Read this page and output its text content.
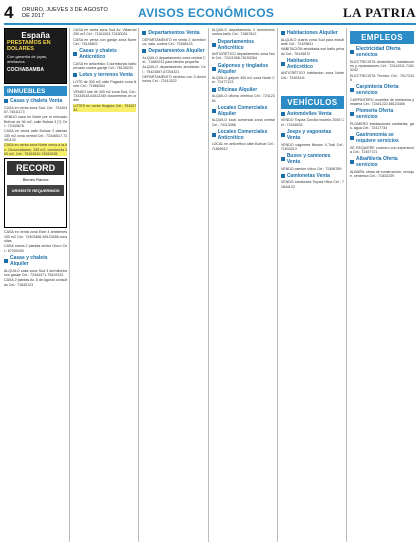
4	ORURO, JUEVES 3 DE AGOSTO DE 2017	AVISOS ECONÓMICOS	LA PATRIA
España
PRESTAMOS EN DOLARES
Con garantía de joyas, artefactos
COCHABAMBA
INMUEBLES
Casas y chalets Venta

CASA en venta zona Sud. Cel.: 72440487-74511173

VENDO casa en Norte por el mercado Bolívar de 36 m2, calle Bolivia 3 [?] Cel.: 72443678

CASA en venta calle Bolívar 2 plantas 150 m2 zona central Cel.: 72446517-72451132

CASA en venta zona Norte cerca a la Av. Circunvalación, 255 m2, construida 300 m2. Cel.: 76161810-74543226

RECORD
Bienes Raíces
URGENTE REQUERIMOS

CASA en venta zona Este 4 ambientes 100 m2 Cel.: 72403456-69123456 consultas

CASA nueva 2 plantas sector Oruro Cel.: 67200430

Casas y chalets Alquiler

ALQUILO casa zona Sud 3 dormitorios con garaje Cel.: 72444471-75419132

CASA 2 plantas Av. 6 de Agosto consultas Cel.: 71840123

CASA en venta zona Sud Av. Villarroel 250 m2 Cel.: 71161003-72430031

CASA en venta con garaje zona Norte Cel.: 76145822

Casas y chalets Anticrético

CASA en anticrético 3 dormitorios baño privado cocina garaje Cel.: 76139234

Lotes y terrenos Venta

LOTE de 300 m2 calle Pagador zona Norte Cel.: 71866354

VENDO lote de 400 m2 zona Sud, Cel.: 72434518-61812345 documentos en orden

LOTES en venta Huajara Cel.: 76152734

Departamentos Venta

DEPARTAMENTO en venta 2 dormitorios, sala, cocina Cel.: 72468123

Departamentos Alquiler

ALQUILO departamento zona central Cel.: 71860231 para familia pequeña

ALQUILO departamento amoblado Cel.: 75424567-67204321

DEPARTAMENTO céntrico con 3 dormitorios Cel.: 72413322

ALQUILO departamento 2 dormitorios cocina baño Cel.: 71867812

Departamentos Anticrético

ANTICRÉTICO departamento zona Norte Cel.: 72411908-76153264

Galpones y tinglados Alquiler

ALQUILO galpón 300 m2 zona Norte Cel.: 72477123

Oficinas Alquiler

ALQUILO oficina céntrica Cel.: 72412384

Locales Comerciales Alquiler

ALQUILO local comercial zona central Cel.: 74113456

Locales Comerciales Anticrético

LOCAL en anticrético calle Bolívar Cel.: 71869012

Habitaciones Alquiler

ALQUILO cuarto zona Sud para estudiante Cel.: 72429831

HABITACIÓN amoblada con baño privado Cel.: 76145672

Habitaciones Anticrético

ANTICRÉTICO habitación zona Norte Cel.: 72403411

VEHÍCULOS
Automóviles Venta

VENDO Toyota Corolla modelo 2005 Cel.: 72445532

Jeeps y vagonetas Venta

VENDO vagoneta Nissan X-Trail Cel.: 71833214

Buses y camiones Venta

VENDO camión Volvo Cel.: 72456789

Camionetas Venta

VENDO camioneta Toyota Hilux Cel.: 71844123

EMPLEOS
Electricidad Oferta servicios

ELECTRICISTA domiciliario, instalaciones y reparaciones Cel.: 72414311-71813242

ELECTRICISTA Técnico Cel.: 76172345

Carpintería Oferta servicios

CARPINTERO muebles de melamina y madera Cel.: 72441222-68123456

Plomería Oferta servicios

PLOMERO instalaciones sanitarias, gas, agua Cel.: 72417734

Gastronomía se requiere servicios

SE REQUIERE cocinero con experiencia Cel.: 72457721

Albañilería Oferta servicios

ALBAÑIL obras de construcción, revoque, cerámica Cel.: 71832239
